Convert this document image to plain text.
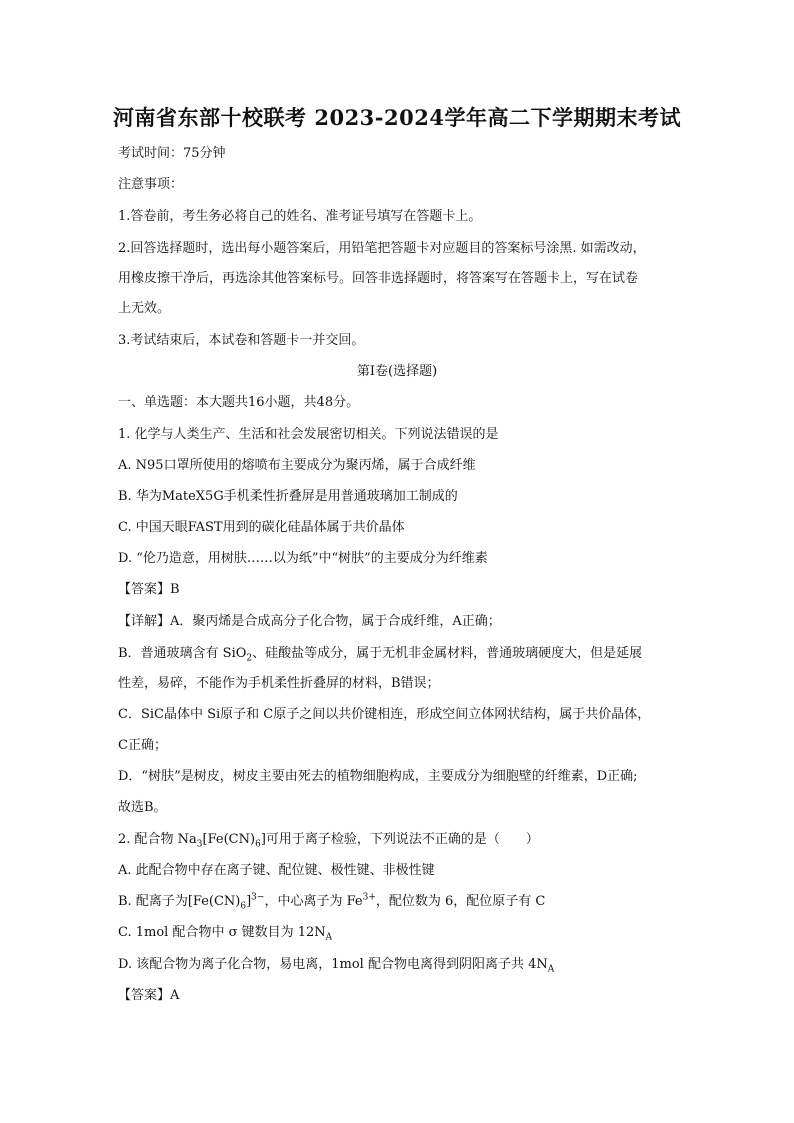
河南省东部十校联考 2023-2024学年高二下学期期末考试
考试时间：75分钟
注意事项：
1.答卷前，考生务必将自己的姓名、准考证号填写在答题卡上。
2.回答选择题时，选出每小题答案后，用铅笔把答题卡对应题目的答案标号涂黑. 如需改动，
用橡皮擦干净后，再选涂其他答案标号。回答非选择题时，将答案写在答题卡上，写在试卷
上无效。
3.考试结束后，本试卷和答题卡一并交回。
第Ⅰ卷(选择题)
一、单选题：本大题共16小题，共48分。
1. 化学与人类生产、生活和社会发展密切相关。下列说法错误的是
A. N95口罩所使用的熔喷布主要成分为聚丙烯，属于合成纤维
B. 华为MateX5G手机柔性折叠屏是用普通玻璃加工制成的
C. 中国天眼FAST用到的碳化硅晶体属于共价晶体
D. “伦乃造意，用树肤……以为纸”中“树肤”的主要成分为纤维素
【答案】B
【详解】A．聚丙烯是合成高分子化合物，属于合成纤维，A正确；
B．普通玻璃含有 SiO$_2$、硅酸盐等成分，属于无机非金属材料，普通玻璃硬度大，但是延展
性差，易碎，不能作为手机柔性折叠屏的材料，B错误；
C．SiC晶体中 Si原子和 C原子之间以共价键相连，形成空间立体网状结构，属于共价晶体，
C正确；
D．“树肤”是树皮，树皮主要由死去的植物细胞构成，主要成分为细胞壁的纤维素，D正确;
故选B。
2. 配合物 $Na_3[Fe(CN)_6]$可用于离子检验，下列说法不正确的是（　　）
A. 此配合物中存在离子键、配位键、极性键、非极性键
B. 配离子为$[Fe(CN)_6]^{3-}$，中心离子为 $Fe^{3+}$，配位数为 6，配位原子有 C
C. 1mol 配合物中 σ 键数目为 $12N_A$
D. 该配合物为离子化合物，易电离，1mol 配合物电离得到阴阳离子共 $4N_A$
【答案】A
